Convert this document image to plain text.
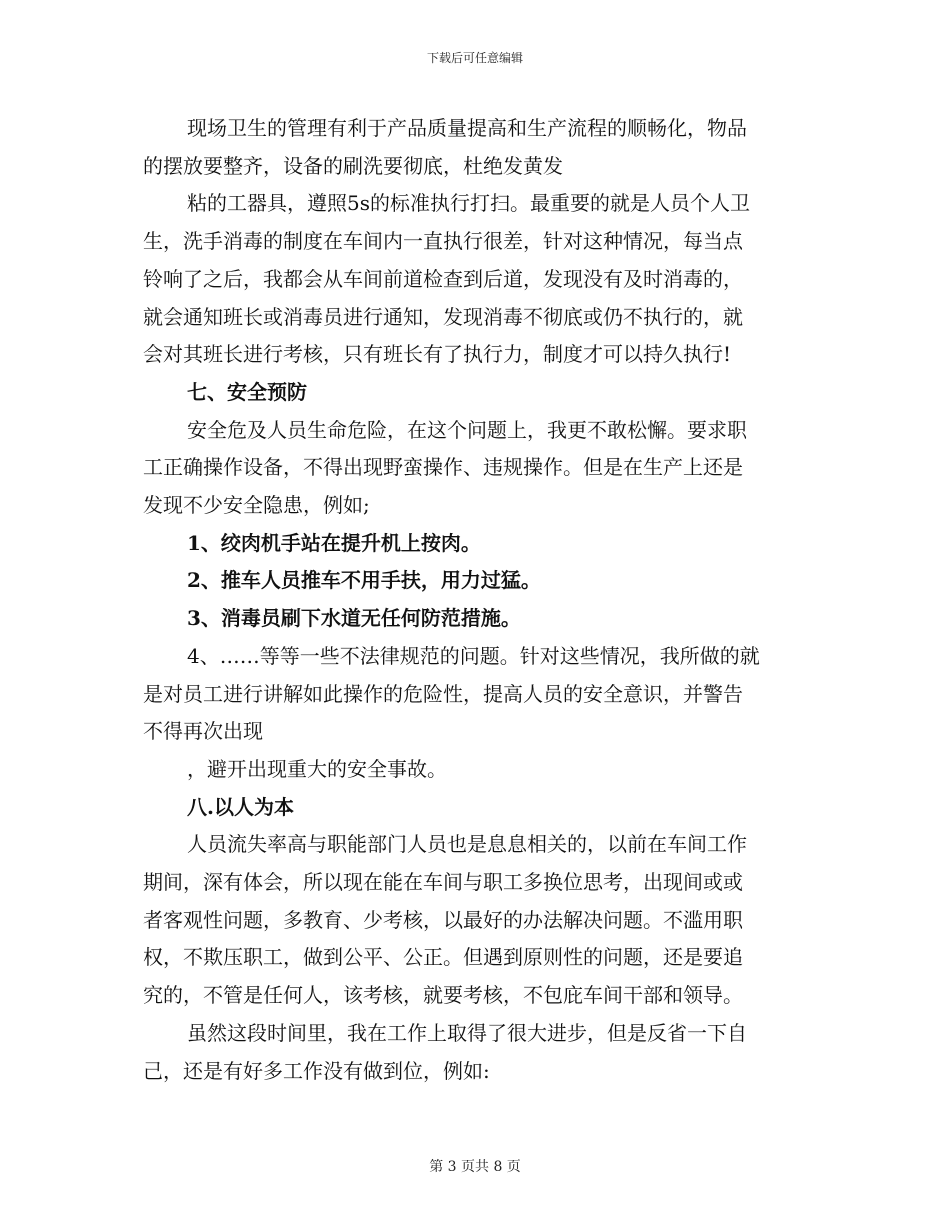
下载后可任意编辑

现场卫生的管理有利于产品质量提高和生产流程的顺畅化，物品

的摆放要整齐，设备的刷洗要彻底，杜绝发黄发

粘的工器具，遵照5s的标准执行打扫。最重要的就是人员个人卫

生，洗手消毒的制度在车间内一直执行很差，针对这种情况，每当点

铃响了之后，我都会从车间前道检查到后道，发现没有及时消毒的，

就会通知班长或消毒员进行通知，发现消毒不彻底或仍不执行的，就

会对其班长进行考核，只有班长有了执行力，制度才可以持久执行!

七、安全预防

安全危及人员生命危险，在这个问题上，我更不敢松懈。要求职

工正确操作设备，不得出现野蛮操作、违规操作。但是在生产上还是

发现不少安全隐患，例如;

1、绞肉机手站在提升机上按肉。

2、推车人员推车不用手扶，用力过猛。

3、消毒员刷下水道无任何防范措施。

4、……等等一些不法律规范的问题。针对这些情况，我所做的就

是对员工进行讲解如此操作的危险性，提高人员的安全意识，并警告

不得再次出现

，避开出现重大的安全事故。

八.以人为本

人员流失率高与职能部门人员也是息息相关的，以前在车间工作

期间，深有体会，所以现在能在车间与职工多换位思考，出现间或或

者客观性问题，多教育、少考核，以最好的办法解决问题。不滥用职

权，不欺压职工，做到公平、公正。但遇到原则性的问题，还是要追

究的，不管是任何人，该考核，就要考核，不包庇车间干部和领导。

虽然这段时间里，我在工作上取得了很大进步，但是反省一下自

己，还是有好多工作没有做到位，例如:

第 3 页共 8 页
